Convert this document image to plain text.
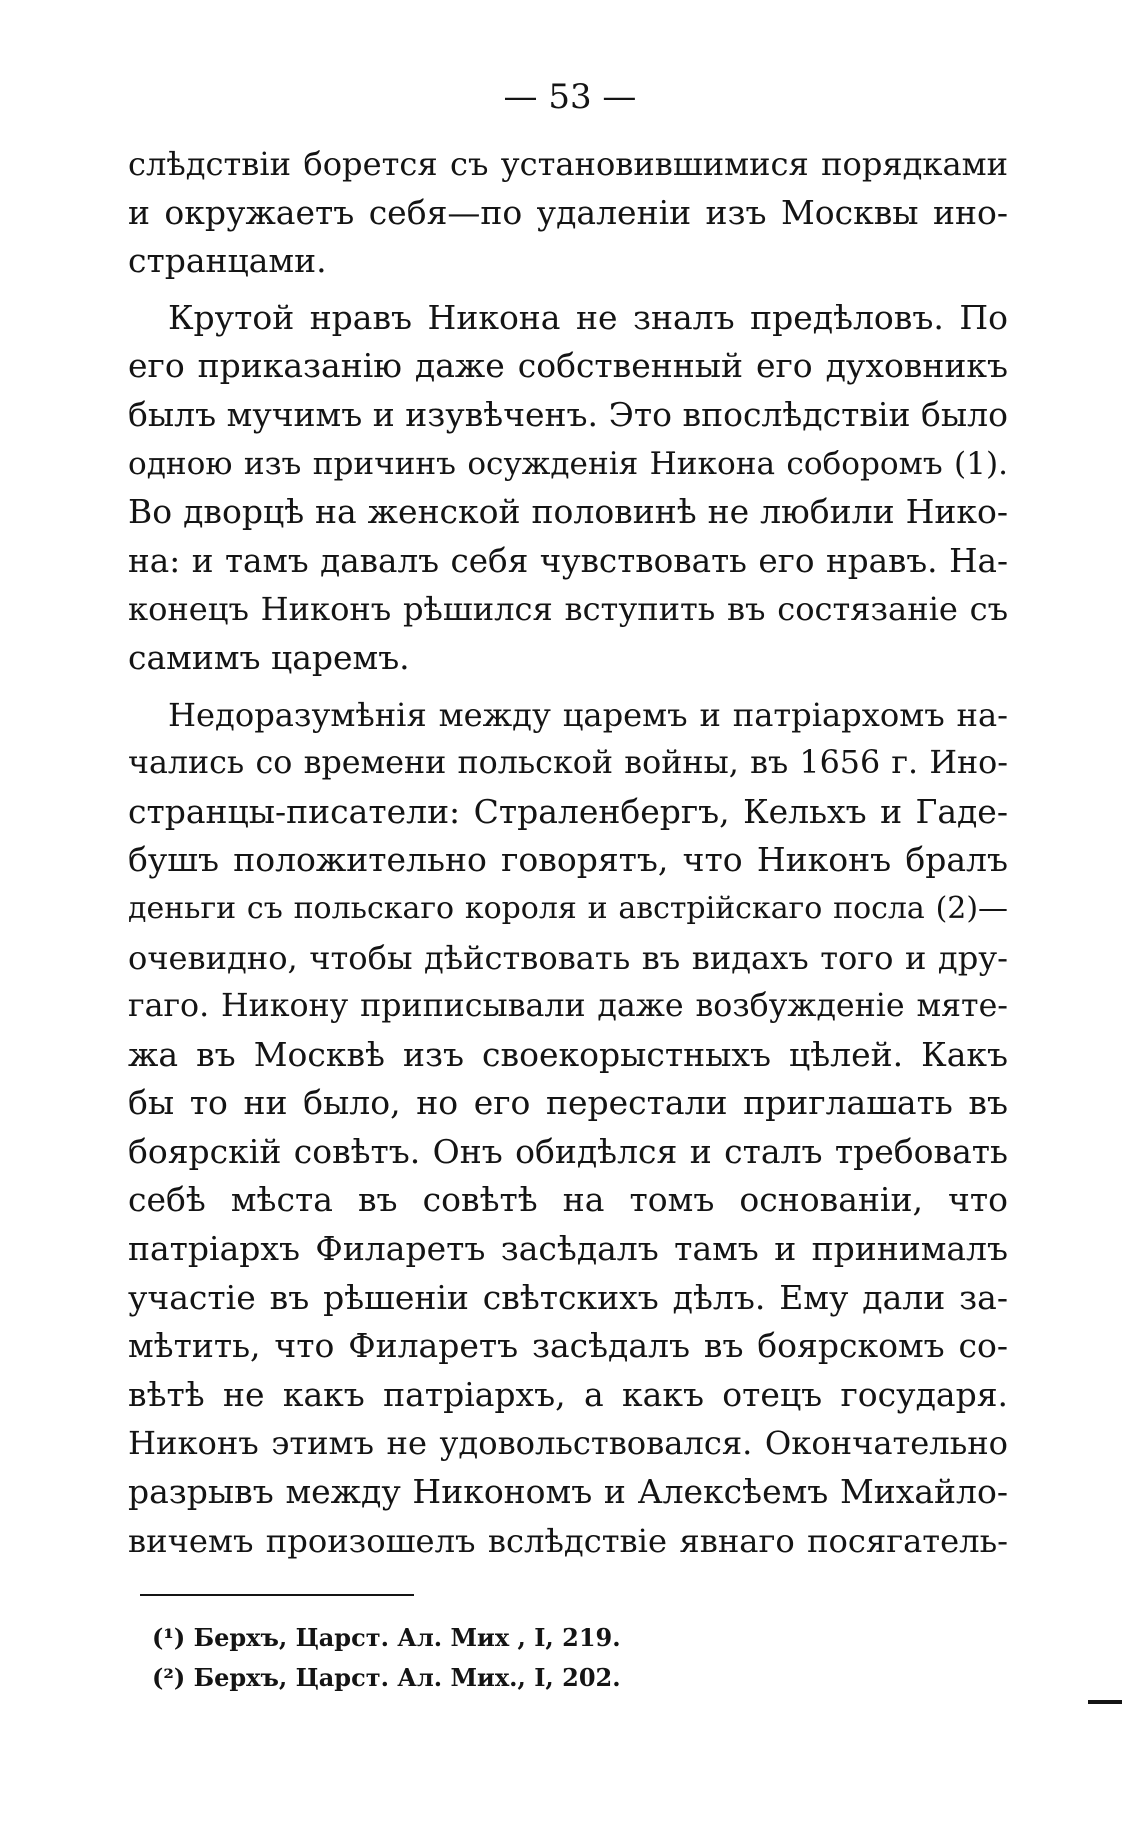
— 53 —
слѣдствіи борется съ установившимися порядками
и окружаетъ себя—по удаленіи изъ Москвы ино-
странцами.
Крутой нравъ Никона не зналъ предѣловъ. По
его приказанію даже собственный его духовникъ
былъ мучимъ и изувѣченъ. Это впослѣдствіи было
одною изъ причинъ осужденія Никона соборомъ (1).
Во дворцѣ на женской половинѣ не любили Нико-
на: и тамъ давалъ себя чувствовать его нравъ. На-
конецъ Никонъ рѣшился вступить въ состязаніе съ
самимъ царемъ.
Недоразумѣнія между царемъ и патріархомъ на-
чались со времени польской войны, въ 1656 г. Ино-
странцы-писатели: Страленбергъ, Кельхъ и Гаде-
бушъ положительно говорятъ, что Никонъ бралъ
деньги съ польскаго короля и австрійскаго посла (2)—
очевидно, чтобы дѣйствовать въ видахъ того и дру-
гаго. Никону приписывали даже возбужденіе мяте-
жа въ Москвѣ изъ своекорыстныхъ цѣлей. Какъ
бы то ни было, но его перестали приглашать въ
боярскій совѣтъ. Онъ обидѣлся и сталъ требовать
себѣ мѣста въ совѣтѣ на томъ основаніи, что
патріархъ Филаретъ засѣдалъ тамъ и принималъ
участіе въ рѣшеніи свѣтскихъ дѣлъ. Ему дали за-
мѣтить, что Филаретъ засѣдалъ въ боярскомъ со-
вѣтѣ не какъ патріархъ, а какъ отецъ государя.
Никонъ этимъ не удовольствовался. Окончательно
разрывъ между Никономъ и Алексѣемъ Михайло-
вичемъ произошелъ вслѣдствіе явнаго посягатель-
(¹) Берхъ, Царст. Ал. Мих , I, 219.
(²) Берхъ, Царст. Ал. Мих., I, 202.
